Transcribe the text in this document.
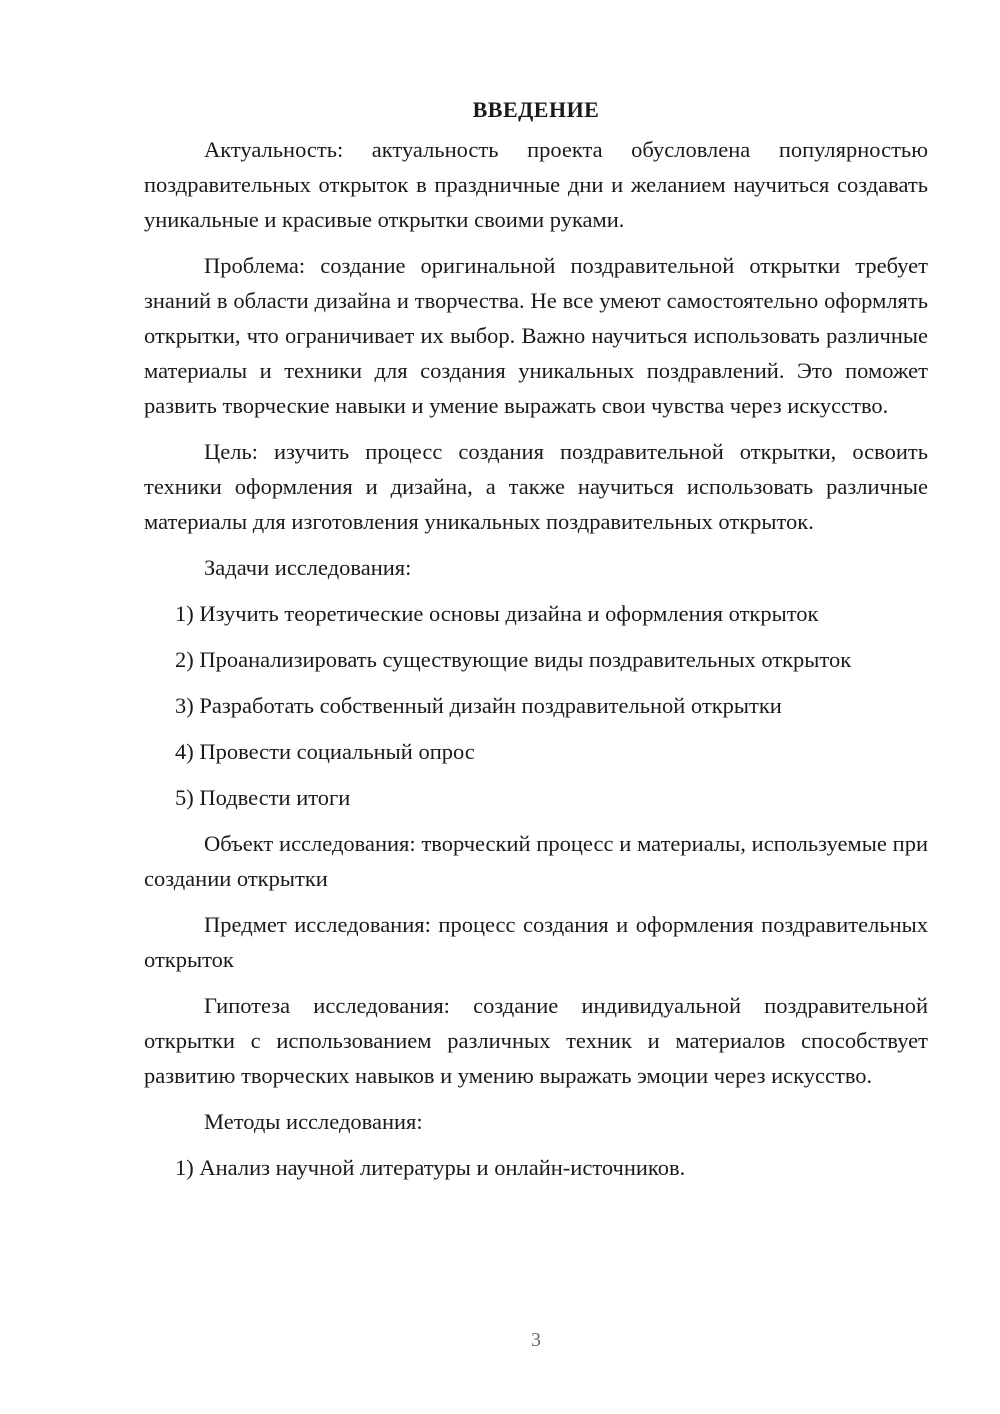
ВВЕДЕНИЕ

Актуальность: актуальность проекта обусловлена популярностью поздравительных открыток в праздничные дни и желанием научиться создавать уникальные и красивые открытки своими руками.

Проблема: создание оригинальной поздравительной открытки требует знаний в области дизайна и творчества. Не все умеют самостоятельно оформлять открытки, что ограничивает их выбор. Важно научиться использовать различные материалы и техники для создания уникальных поздравлений. Это поможет развить творческие навыки и умение выражать свои чувства через искусство.

Цель: изучить процесс создания поздравительной открытки, освоить техники оформления и дизайна, а также научиться использовать различные материалы для изготовления уникальных поздравительных открыток.

Задачи исследования:

1) Изучить теоретические основы дизайна и оформления открыток
2) Проанализировать существующие виды поздравительных открыток
3) Разработать собственный дизайн поздравительной открытки
4) Провести социальный опрос
5) Подвести итоги

Объект исследования: творческий процесс и материалы, используемые при создании открытки

Предмет исследования: процесс создания и оформления поздравительных открыток

Гипотеза исследования: создание индивидуальной поздравительной открытки с использованием различных техник и материалов способствует развитию творческих навыков и умению выражать эмоции через искусство.

Методы исследования:

1) Анализ научной литературы и онлайн-источников.
3
